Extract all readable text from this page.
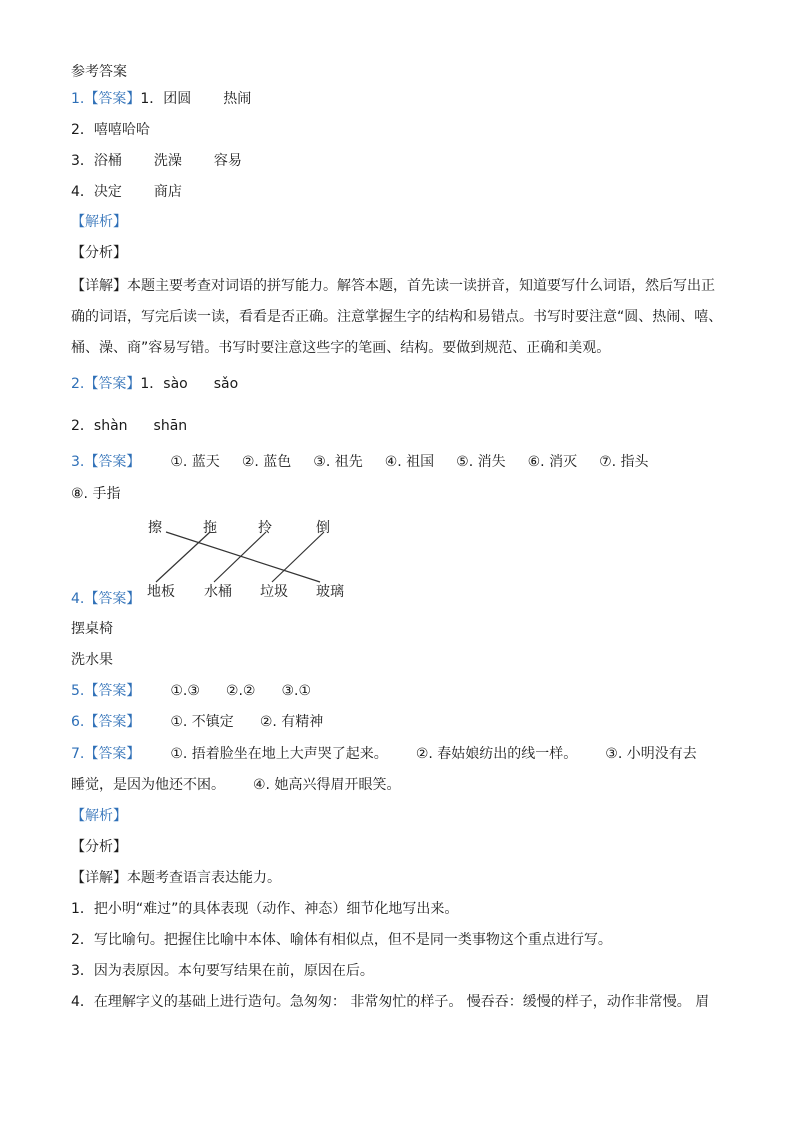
参考答案
1.【答案】1．团圆 热闹
2．嘻嘻哈哈
3．浴桶 洗澡 容易
4．决定 商店
【解析】
【分析】
【详解】本题主要考查对词语的拼写能力。解答本题，首先读一读拼音，知道要写什么词语，然后写出正
确的词语，写完后读一读，看看是否正确。注意掌握生字的结构和易错点。书写时要注意“圆、热闹、嘻、
桶、澡、商”容易写错。书写时要注意这些字的笔画、结构。要做到规范、正确和美观。
2.【答案】1．sào sǎo
2．shàn shān
3.【答案】 ①. 蓝天 ②. 蓝色 ③. 祖先 ④. 祖国 ⑤. 消失 ⑥. 消灭 ⑦. 指头
⑧. 手指
擦	拖	拎	倒
地板 水桶 垃圾 玻璃
4.【答案】
摆桌椅
洗水果
5.【答案】 ①.③ ②.② ③.①
6.【答案】 ①. 不镇定 ②. 有精神
7.【答案】 ①. 捂着脸坐在地上大声哭了起来。 ②. 春姑娘纺出的线一样。 ③. 小明没有去
睡觉，是因为他还不困。 ④. 她高兴得眉开眼笑。
【解析】
【分析】
【详解】本题考查语言表达能力。
1．把小明“难过”的具体表现（动作、神态）细节化地写出来。
2．写比喻句。把握住比喻中本体、喻体有相似点，但不是同一类事物这个重点进行写。
3．因为表原因。本句要写结果在前，原因在后。
4．在理解字义的基础上进行造句。急匆匆： 非常匆忙的样子。 慢吞吞：缓慢的样子，动作非常慢。 眉
